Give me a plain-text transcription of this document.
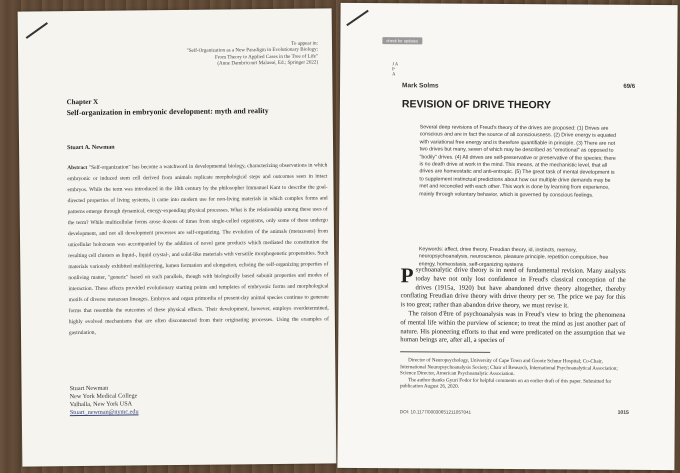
To appear in:
"Self-Organization as a New Paradigm in Evolutionary Biology:
From Theory to Applied Cases in the Tree of Life"
(Anne Dambricourt Malassé, Ed.; Springer 2022)
Chapter X
Self-organization in embryonic development: myth and reality
Stuart A. Newman
Abstract "Self-organization" has become a watchword in developmental biology, characterizing observations in which embryonic or induced stem cell derived from animals replicate morphological steps and outcomes seen in intact embryos. While the term was introduced in the 18th century by the philosopher Immanuel Kant to describe the goal-directed properties of living systems, it came into modern use for non-living materials in which complex forms and patterns emerge through dynamical, energy-expending physical processes. What is the relationship among these uses of the term? While multicellular forms arose dozens of times from single-celled organisms, only some of these undergo development, and not all development processes are self-organizing. The evolution of the animals (metazoans) from unicellular holozoans was accompanied by the addition of novel gene products which mediated the constitution the resulting cell clusters as liquid-, liquid crystal-, and solid-like materials with versatile morphogenetic propensities. Such materials variously exhibited multilayering, lumen formation and elongation, echoing the self-organizing properties of nonliving matter, "generic" based on such parallels, though with biologically based subunit properties and modes of interaction. These effects provided evolutionary starting points and templates of embryonic forms and morphological motifs of diverse metazoan lineages. Embryos and organ primordia of present-day animal species continue to generate forms that resemble the outcomes of these physical effects. Their development, however, employs overdetermined, highly evolved mechanisms that are often disconnected from their originating processes. Using the examples of gastrulation,
Stuart Newman
New York Medical College
Valhalla, New York USA
Stuart_newman@nymc.edu
check for updates
J A P A
Mark Solms	69/6
REVISION OF DRIVE THEORY
Several deep revisions of Freud's theory of the drives are proposed: (1) Drives are conscious and are in fact the source of all consciousness. (2) Drive energy is equated with variational free energy and is therefore quantifiable in principle. (3) There are not two drives but many, seven of which may be described as "emotional" as opposed to "bodily" drives. (4) All drives are self-preservative or preservative of the species; there is no death drive at work in the mind. This means, at the mechanistic level, that all drives are homeostatic and anti-entropic. (5) The great task of mental development is to supplement instinctual predictions about how our multiple drive demands may be met and reconciled with each other. This work is done by learning from experience, mainly through voluntary behavior, which is governed by conscious feelings.
Keywords: affect, drive theory, Freudian theory, id, instincts, memory, neuropsychoanalysis, neuroscience, pleasure principle, repetition compulsion, free energy, homeostasis, self-organizing systems

P sychoanalytic drive theory is in need of fundamental revision. Many analysts today have not only lost confidence in Freud's classical conception of the drives (1915a, 1920) but have abandoned drive theory altogether, thereby conflating Freudian drive theory with drive theory per se. The price we pay for this is too great; rather than abandon drive theory, we must revise it.

The raison d'être of psychoanalysis was in Freud's view to bring the phenomena of mental life within the purview of science; to treat the mind as just another part of nature. His pioneering efforts to that end were predicated on the assumption that we human beings are, after all, a species of

Director of Neuropsychology, University of Cape Town and Groote Schuur Hospital; Co-Chair, International Neuropsychoanalysis Society; Chair of Research, International Psychoanalytical Association; Science Director, American Psychoanalytic Association.

The author thanks Gyuri Fodor for helpful comments on an earlier draft of this paper. Submitted for publication August 26, 2020.

DOI: 10.1177/0003065121105?041	1015
